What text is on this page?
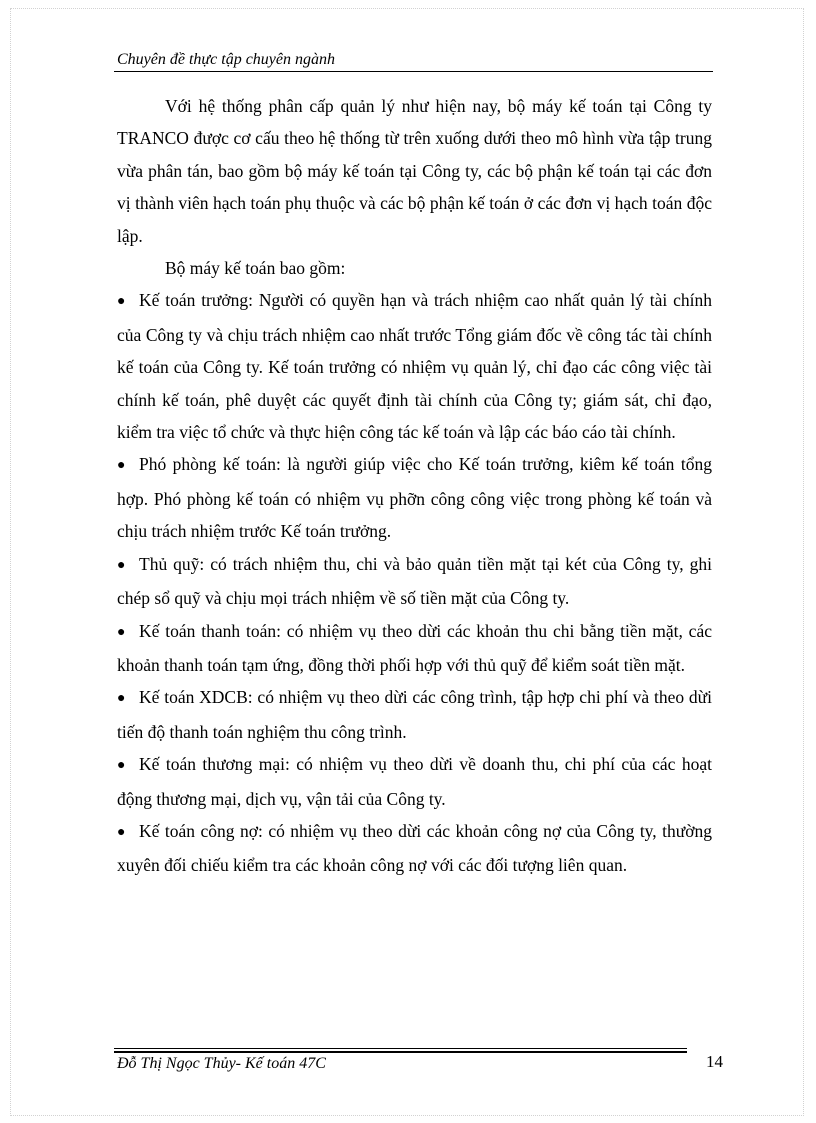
Chuyên đề thực tập chuyên ngành

Với hệ thống phân cấp quản lý như hiện nay, bộ máy kế toán tại Công ty TRANCO được cơ cấu theo hệ thống từ trên xuống dưới theo mô hình vừa tập trung vừa phân tán, bao gồm bộ máy kế toán tại Công ty, các bộ phận kế toán tại các đơn vị thành viên hạch toán phụ thuộc và các bộ phận kế toán ở các đơn vị hạch toán độc lập.

Bộ máy kế toán bao gồm:

● Kế toán trưởng: Người có quyền hạn và trách nhiệm cao nhất quản lý tài chính của Công ty và chịu trách nhiệm cao nhất trước Tổng giám đốc về công tác tài chính kế toán của Công ty. Kế toán trưởng có nhiệm vụ quản lý, chỉ đạo các công việc tài chính kế toán, phê duyệt các quyết định tài chính của Công ty; giám sát, chỉ đạo, kiểm tra việc tổ chức và thực hiện công tác kế toán và lập các báo cáo tài chính.

● Phó phòng kế toán: là người giúp việc cho Kế toán trưởng, kiêm kế toán tổng hợp. Phó phòng kế toán có nhiệm vụ phỡn công công việc trong phòng kế toán và chịu trách nhiệm trước Kế toán trưởng.

● Thủ quỹ: có trách nhiệm thu, chi và bảo quản tiền mặt tại két của Công ty, ghi chép sổ quỹ và chịu mọi trách nhiệm về số tiền mặt của Công ty.

● Kế toán thanh toán: có nhiệm vụ theo dừi các khoản thu chi bằng tiền mặt, các khoản thanh toán tạm ứng, đồng thời phối hợp với thủ quỹ để kiểm soát tiền mặt.

● Kế toán XDCB: có nhiệm vụ theo dừi các công trình, tập hợp chi phí và theo dừi tiến độ thanh toán nghiệm thu công trình.

● Kế toán thương mại: có nhiệm vụ theo dừi về doanh thu, chi phí của các hoạt động thương mại, dịch vụ, vận tải của Công ty.

● Kế toán công nợ: có nhiệm vụ theo dừi các khoản công nợ của Công ty, thường xuyên đối chiếu kiểm tra các khoản công nợ với các đối tượng liên quan.

Đỗ Thị Ngọc Thủy- Kế toán 47C	14
